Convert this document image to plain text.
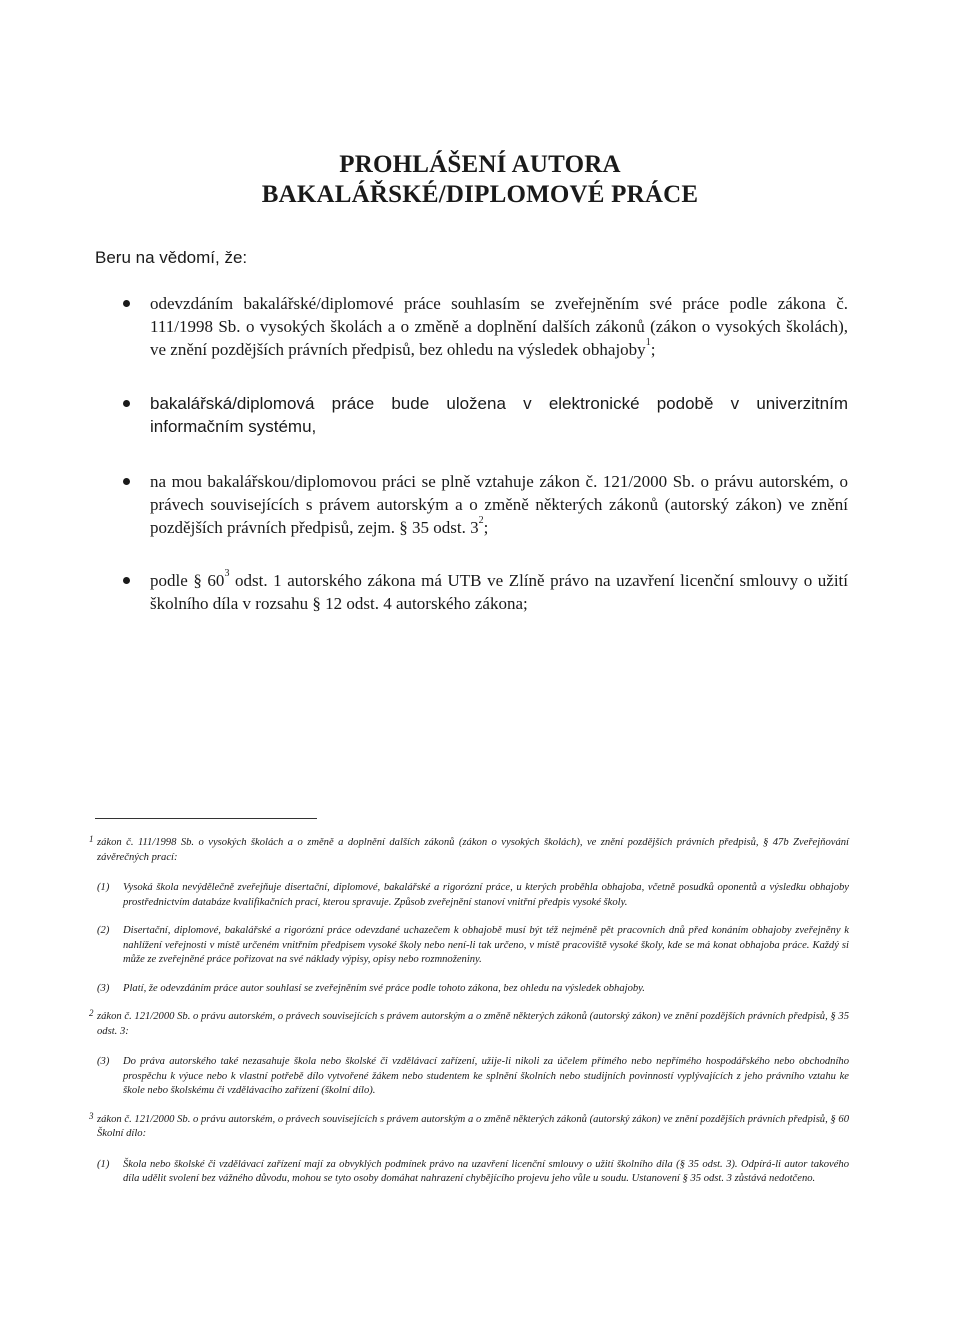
PROHLÁŠENÍ AUTORA
BAKALÁŘSKÉ/DIPLOMOVÉ PRÁCE
Beru na vědomí, že:
odevzdáním bakalářské/diplomové práce souhlasím se zveřejněním své práce podle zákona č. 111/1998 Sb. o vysokých školách a o změně a doplnění dalších zákonů (zákon o vysokých školách), ve znění pozdějších právních předpisů, bez ohledu na výsledek obhajoby$^1$;
bakalářská/diplomová práce bude uložena v elektronické podobě v univerzitním
informačním systému,
na mou bakalářskou/diplomovou práci se plně vztahuje zákon č. 121/2000 Sb. o právu autorském, o právech souvisejících s právem autorským a o změně některých zákonů (autorský zákon) ve znění pozdějších právních předpisů, zejm. § 35 odst. $3^2$;
podle § $60^3$ odst. 1 autorského zákona má UTB ve Zlíně právo na uzavření licenční smlouvy o užití školního díla v rozsahu § 12 odst. 4 autorského zákona;
1 zákon č. 111/1998 Sb. o vysokých školách a o změně a doplnění dalších zákonů (zákon o vysokých školách), ve znění pozdějších právních předpisů, § 47b Zveřejňování závěrečných prací:
(1) Vysoká škola nevýdělečně zveřejňuje disertační, diplomové, bakalářské a rigorózní práce, u kterých proběhla obhajoba, včetně posudků oponentů a výsledku obhajoby prostřednictvím databáze kvalifikačních prací, kterou spravuje. Způsob zveřejnění stanoví vnitřní předpis vysoké školy.
(2) Disertační, diplomové, bakalářské a rigorózní práce odevzdané uchazečem k obhajobě musí být též nejméně pět pracovních dnů před konáním obhajoby zveřejněny k nahlížení veřejnosti v místě určeném vnitřním předpisem vysoké školy nebo není-li tak určeno, v místě pracoviště vysoké školy, kde se má konat obhajoba práce. Každý si může ze zveřejněné práce pořizovat na své náklady výpisy, opisy nebo rozmnoženiny.
(3) Platí, že odevzdáním práce autor souhlasí se zveřejněním své práce podle tohoto zákona, bez ohledu na výsledek obhajoby.
2 zákon č. 121/2000 Sb. o právu autorském, o právech souvisejících s právem autorským a o změně některých zákonů (autorský zákon) ve znění pozdějších právních předpisů, § 35 odst. 3:
(3) Do práva autorského také nezasahuje škola nebo školské či vzdělávací zařízení, užije-li nikoli za účelem přímého nebo nepřímého hospodářského nebo obchodního prospěchu k výuce nebo k vlastní potřebě dílo vytvořené žákem nebo studentem ke splnění školních nebo studijních povinností vyplývajících z jeho právního vztahu ke škole nebo školskému či vzdělávacího zařízení (školní dílo).
3 zákon č. 121/2000 Sb. o právu autorském, o právech souvisejících s právem autorským a o změně některých zákonů (autorský zákon) ve znění pozdějších právních předpisů, § 60 Školní dílo:
(1) Škola nebo školské či vzdělávací zařízení mají za obvyklých podmínek právo na uzavření licenční smlouvy o užití školního díla (§ 35 odst. 3). Odpírá-li autor takového díla udělit svolení bez vážného důvodu, mohou se tyto osoby domáhat nahrazení chybějícího projevu jeho vůle u soudu. Ustanovení § 35 odst. 3 zůstává nedotčeno.
